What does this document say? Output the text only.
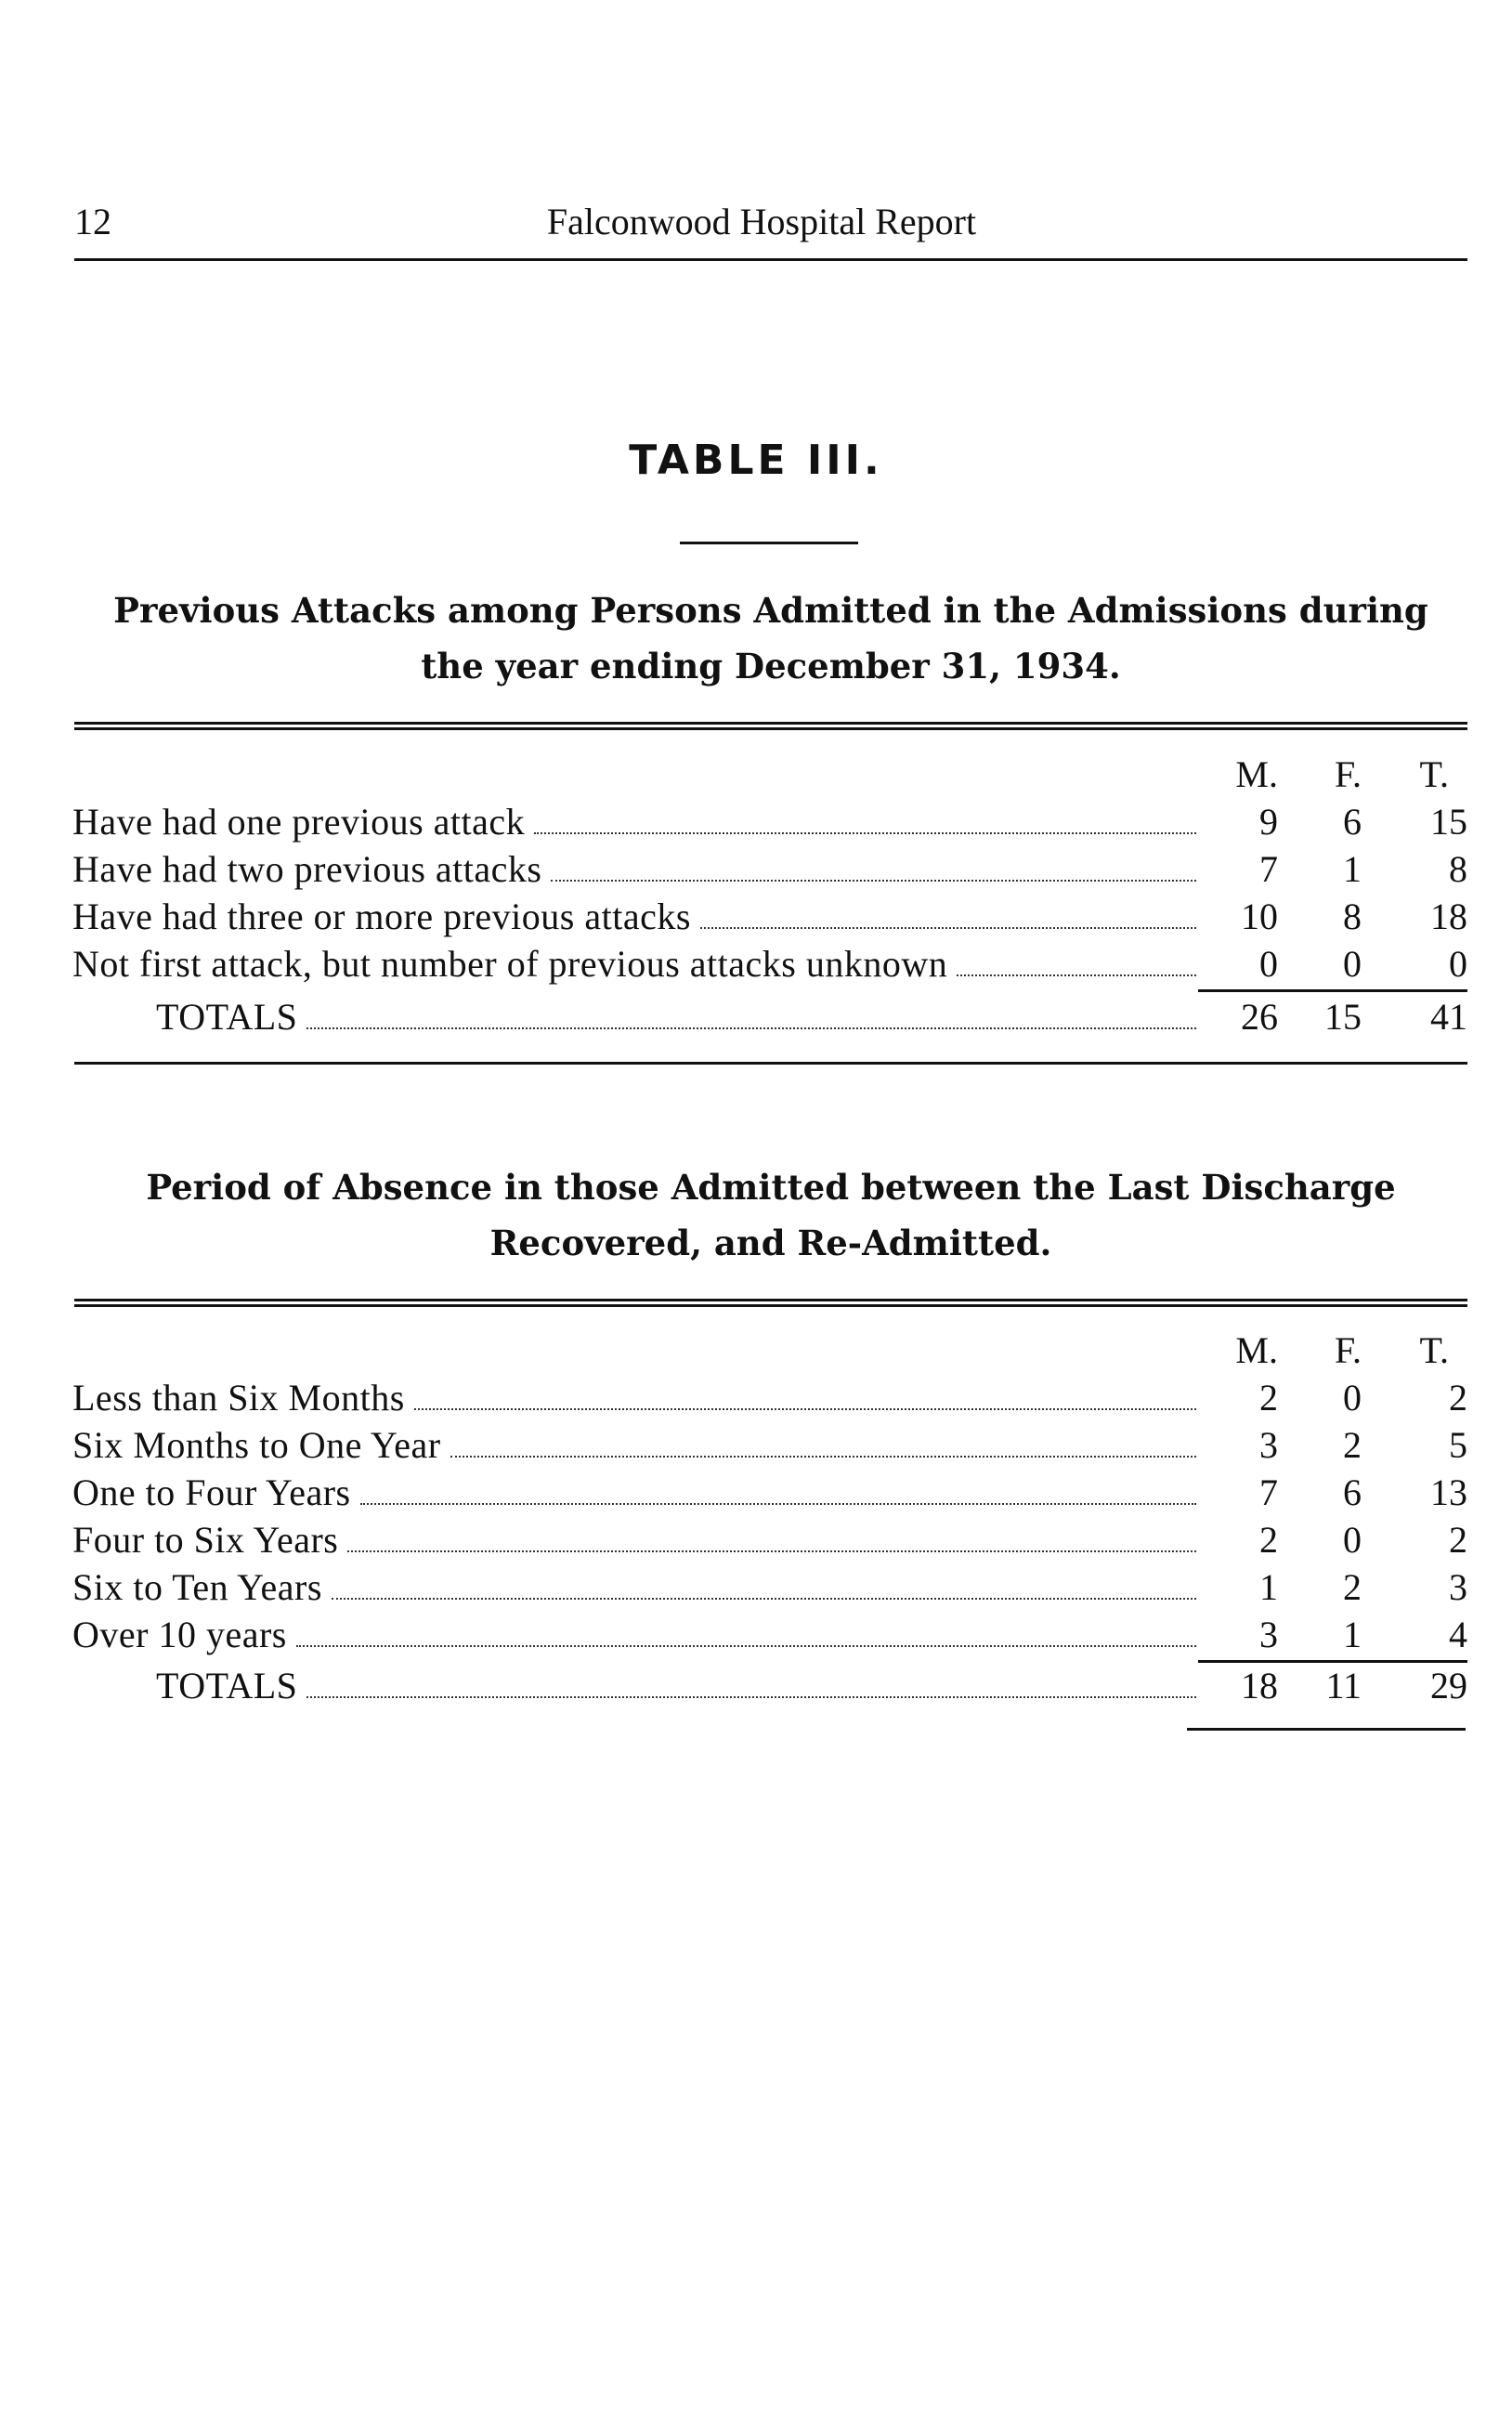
12	Falconwood Hospital Report
TABLE III.
Previous Attacks among Persons Admitted in the Admissions during
the year ending December 31, 1934.
M.	F.	T.
Have had one previous attack	9	6	15
Have had two previous attacks	7	1	8
Have had three or more previous attacks	10	8	18
Not first attack, but number of previous attacks unknown	0	0	0
TOTALS	26	15	41
Period of Absence in those Admitted between the Last Discharge
Recovered, and Re-Admitted.
M.	F.	T.
Less than Six Months	2	0	2
Six Months to One Year	3	2	5
One to Four Years	7	6	13
Four to Six Years	2	0	2
Six to Ten Years	1	2	3
Over 10 years	3	1	4
TOTALS	18	11	29
